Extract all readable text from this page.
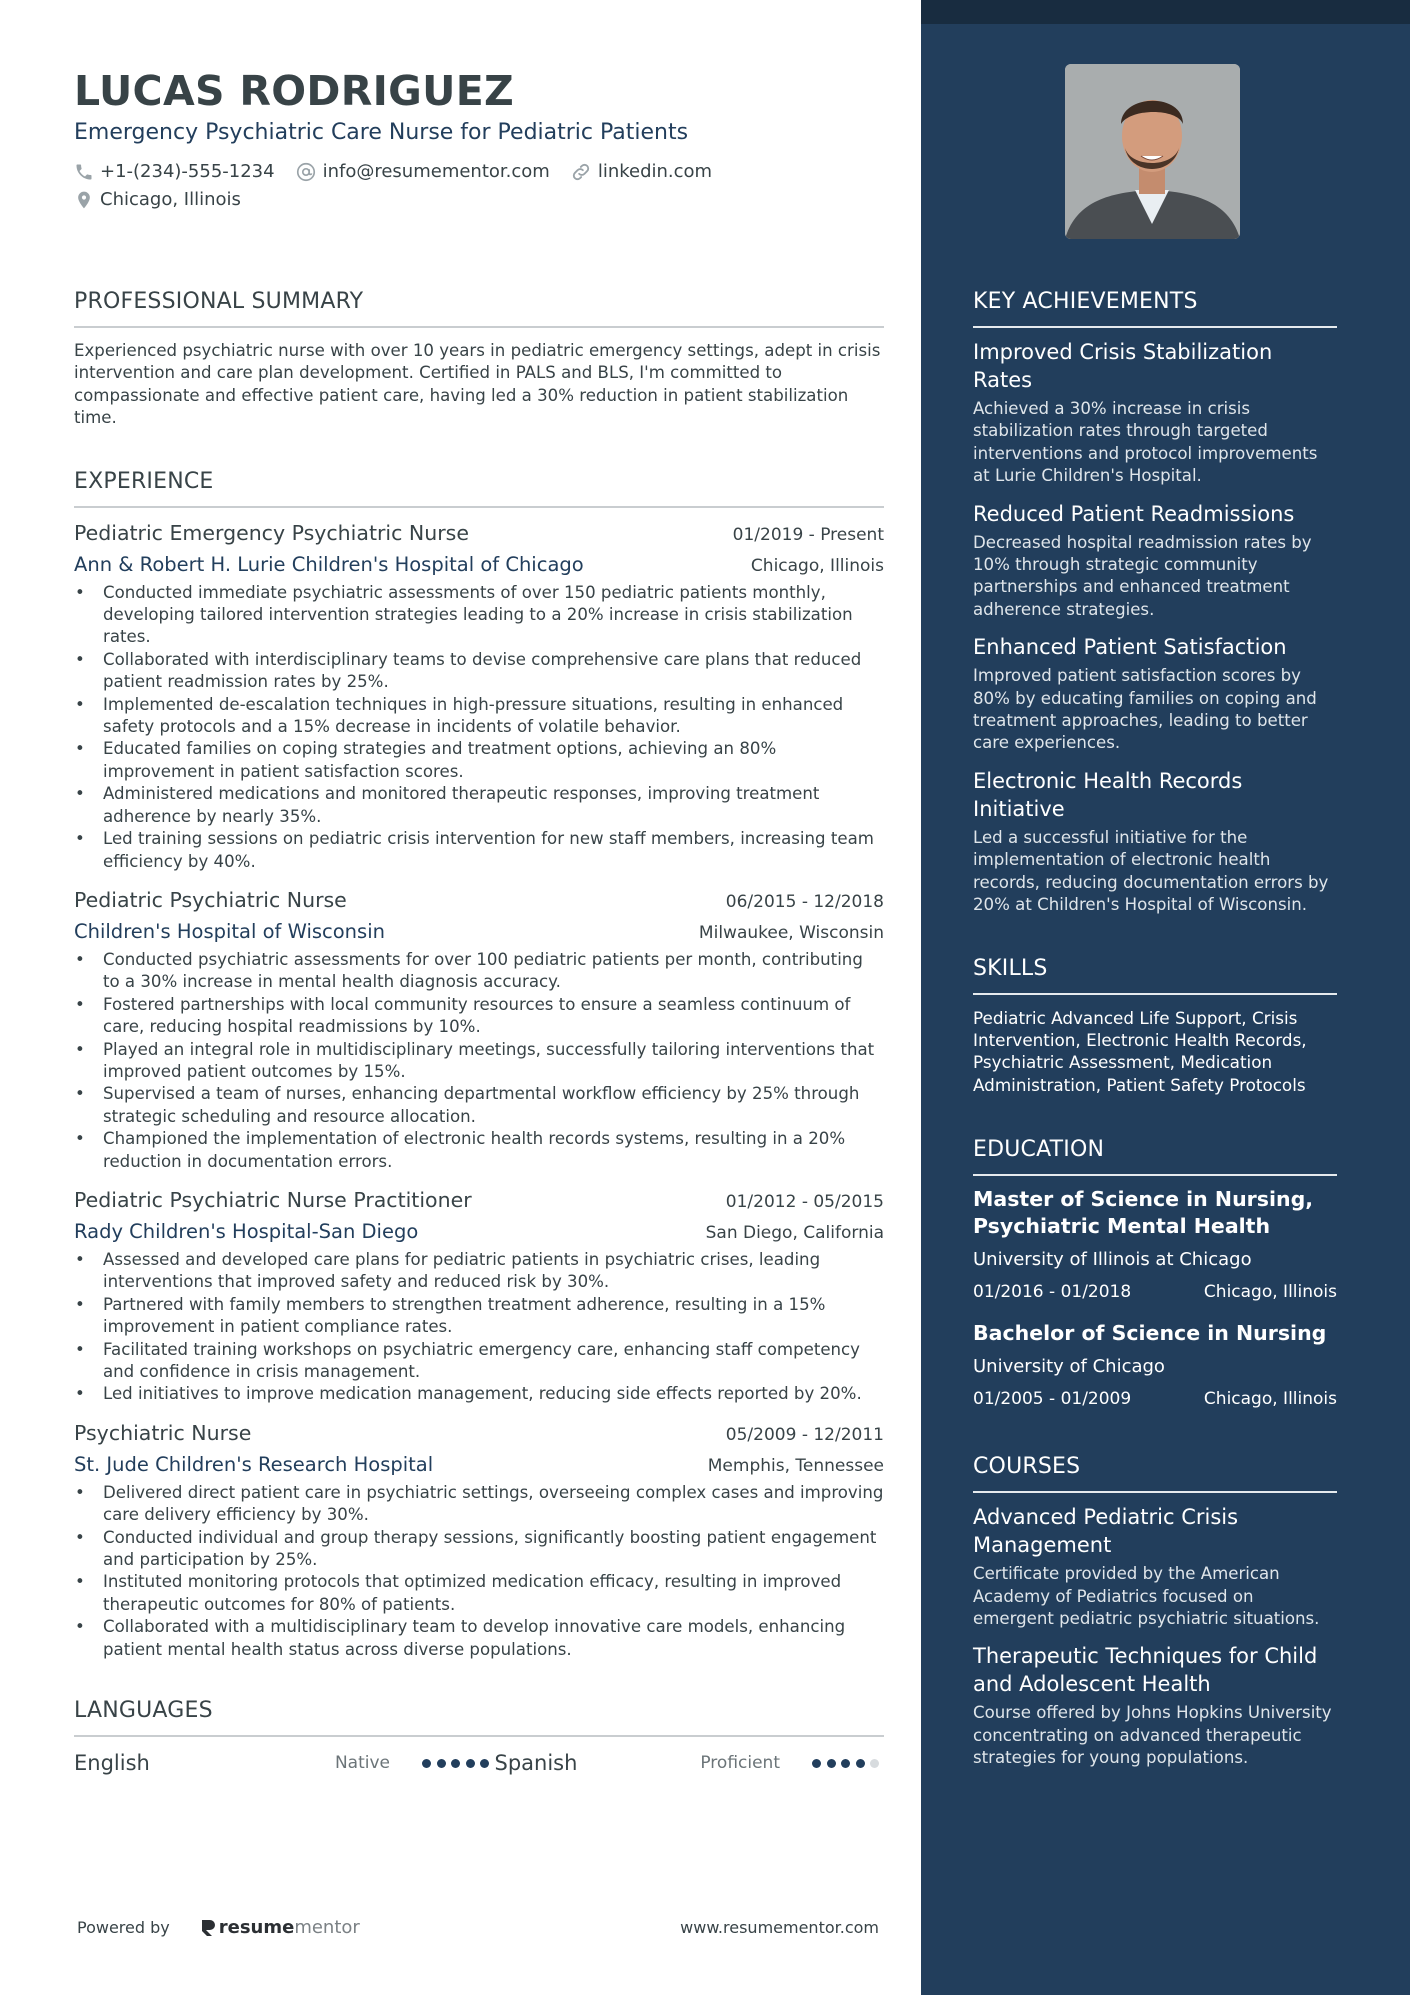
LUCAS RODRIGUEZ
Emergency Psychiatric Care Nurse for Pediatric Patients
+1-(234)-555-1234	info@resumementor.com	linkedin.com
Chicago, Illinois
PROFESSIONAL SUMMARY
Experienced psychiatric nurse with over 10 years in pediatric emergency settings, adept in crisis intervention and care plan development. Certified in PALS and BLS, I'm committed to compassionate and effective patient care, having led a 30% reduction in patient stabilization time.
EXPERIENCE
Pediatric Emergency Psychiatric Nurse	01/2019 - Present
Ann & Robert H. Lurie Children's Hospital of Chicago	Chicago, Illinois
• Conducted immediate psychiatric assessments of over 150 pediatric patients monthly, developing tailored intervention strategies leading to a 20% increase in crisis stabilization rates.
• Collaborated with interdisciplinary teams to devise comprehensive care plans that reduced patient readmission rates by 25%.
• Implemented de-escalation techniques in high-pressure situations, resulting in enhanced safety protocols and a 15% decrease in incidents of volatile behavior.
• Educated families on coping strategies and treatment options, achieving an 80% improvement in patient satisfaction scores.
• Administered medications and monitored therapeutic responses, improving treatment adherence by nearly 35%.
• Led training sessions on pediatric crisis intervention for new staff members, increasing team efficiency by 40%.
Pediatric Psychiatric Nurse	06/2015 - 12/2018
Children's Hospital of Wisconsin	Milwaukee, Wisconsin
• Conducted psychiatric assessments for over 100 pediatric patients per month, contributing to a 30% increase in mental health diagnosis accuracy.
• Fostered partnerships with local community resources to ensure a seamless continuum of care, reducing hospital readmissions by 10%.
• Played an integral role in multidisciplinary meetings, successfully tailoring interventions that improved patient outcomes by 15%.
• Supervised a team of nurses, enhancing departmental workflow efficiency by 25% through strategic scheduling and resource allocation.
• Championed the implementation of electronic health records systems, resulting in a 20% reduction in documentation errors.
Pediatric Psychiatric Nurse Practitioner	01/2012 - 05/2015
Rady Children's Hospital-San Diego	San Diego, California
• Assessed and developed care plans for pediatric patients in psychiatric crises, leading interventions that improved safety and reduced risk by 30%.
• Partnered with family members to strengthen treatment adherence, resulting in a 15% improvement in patient compliance rates.
• Facilitated training workshops on psychiatric emergency care, enhancing staff competency and confidence in crisis management.
• Led initiatives to improve medication management, reducing side effects reported by 20%.
Psychiatric Nurse	05/2009 - 12/2011
St. Jude Children's Research Hospital	Memphis, Tennessee
• Delivered direct patient care in psychiatric settings, overseeing complex cases and improving care delivery efficiency by 30%.
• Conducted individual and group therapy sessions, significantly boosting patient engagement and participation by 25%.
• Instituted monitoring protocols that optimized medication efficacy, resulting in improved therapeutic outcomes for 80% of patients.
• Collaborated with a multidisciplinary team to develop innovative care models, enhancing patient mental health status across diverse populations.
LANGUAGES
English	Native	Spanish	Proficient
Powered by	resume mentor	www.resumementor.com
KEY ACHIEVEMENTS
Improved Crisis Stabilization Rates
Achieved a 30% increase in crisis stabilization rates through targeted interventions and protocol improvements at Lurie Children's Hospital.
Reduced Patient Readmissions
Decreased hospital readmission rates by 10% through strategic community partnerships and enhanced treatment adherence strategies.
Enhanced Patient Satisfaction
Improved patient satisfaction scores by 80% by educating families on coping and treatment approaches, leading to better care experiences.
Electronic Health Records Initiative
Led a successful initiative for the implementation of electronic health records, reducing documentation errors by 20% at Children's Hospital of Wisconsin.
SKILLS
Pediatric Advanced Life Support, Crisis Intervention, Electronic Health Records, Psychiatric Assessment, Medication Administration, Patient Safety Protocols
EDUCATION
Master of Science in Nursing, Psychiatric Mental Health
University of Illinois at Chicago
01/2016 - 01/2018	Chicago, Illinois
Bachelor of Science in Nursing
University of Chicago
01/2005 - 01/2009	Chicago, Illinois
COURSES
Advanced Pediatric Crisis Management
Certificate provided by the American Academy of Pediatrics focused on emergent pediatric psychiatric situations.
Therapeutic Techniques for Child and Adolescent Health
Course offered by Johns Hopkins University concentrating on advanced therapeutic strategies for young populations.
